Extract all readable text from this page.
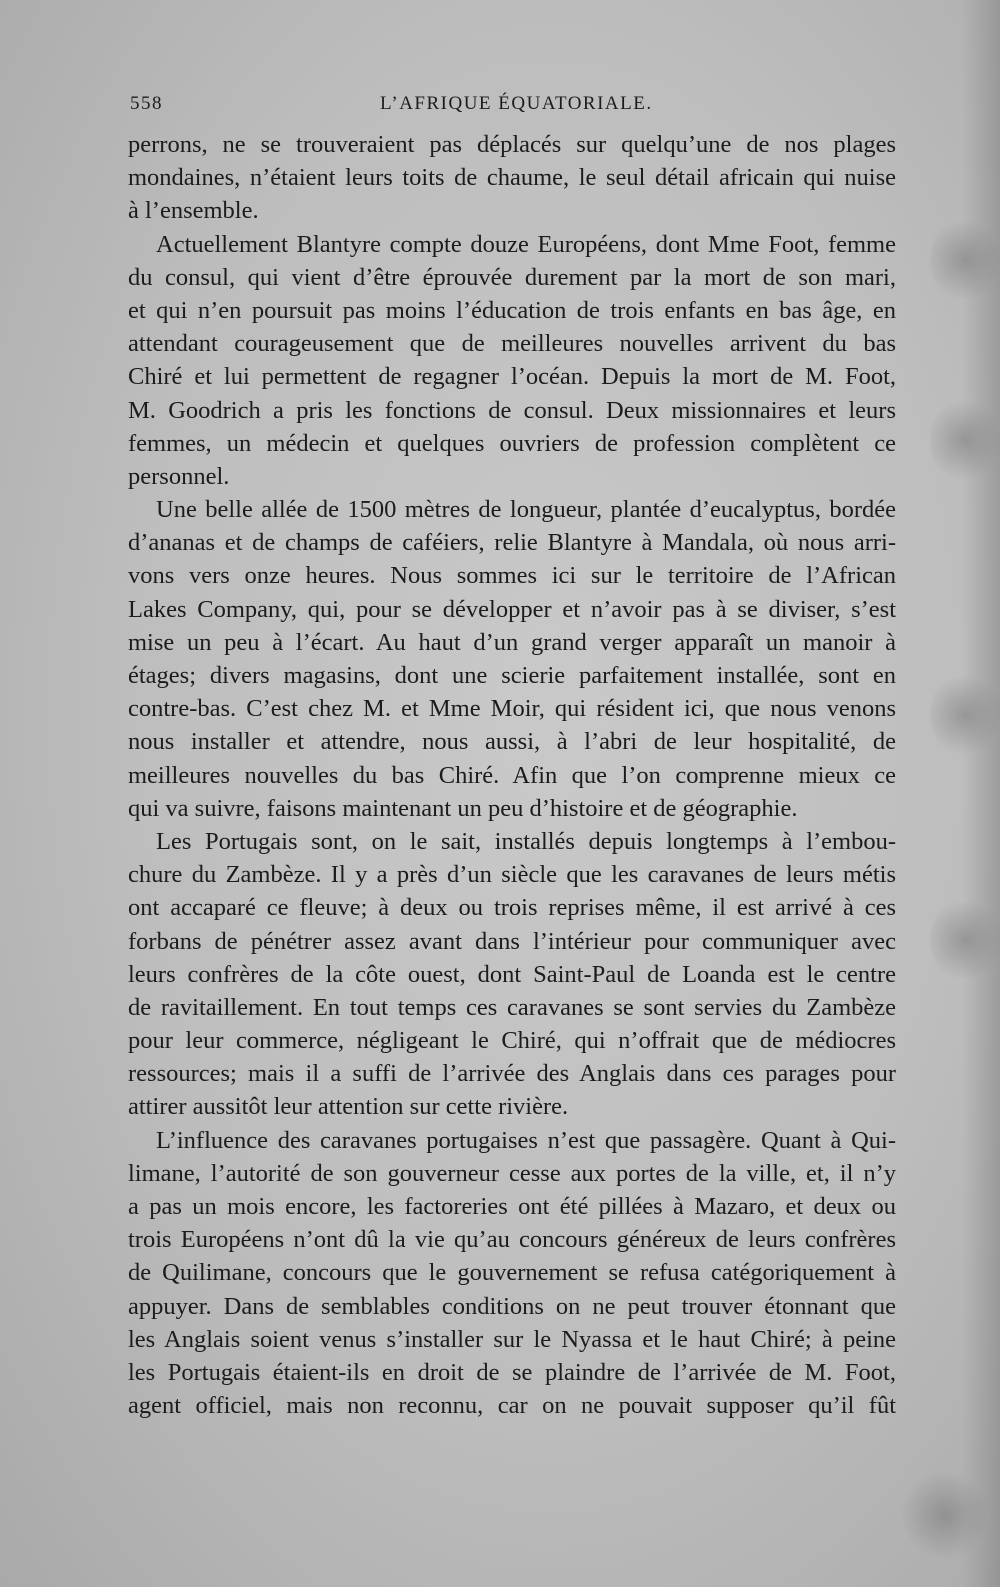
558	L’AFRIQUE ÉQUATORIALE.
perrons, ne se trouveraient pas déplacés sur quelqu’une de nos plages
mondaines, n’étaient leurs toits de chaume, le seul détail africain qui nuise
à l’ensemble.
Actuellement Blantyre compte douze Européens, dont Mme Foot, femme
du consul, qui vient d’être éprouvée durement par la mort de son mari,
et qui n’en poursuit pas moins l’éducation de trois enfants en bas âge, en
attendant courageusement que de meilleures nouvelles arrivent du bas
Chiré et lui permettent de regagner l’océan. Depuis la mort de M. Foot,
M. Goodrich a pris les fonctions de consul. Deux missionnaires et leurs
femmes, un médecin et quelques ouvriers de profession complètent ce
personnel.
Une belle allée de 1500 mètres de longueur, plantée d’eucalyptus, bordée
d’ananas et de champs de caféiers, relie Blantyre à Mandala, où nous arri-
vons vers onze heures. Nous sommes ici sur le territoire de l’African
Lakes Company, qui, pour se développer et n’avoir pas à se diviser, s’est
mise un peu à l’écart. Au haut d’un grand verger apparaît un manoir à
étages; divers magasins, dont une scierie parfaitement installée, sont en
contre-bas. C’est chez M. et Mme Moir, qui résident ici, que nous venons
nous installer et attendre, nous aussi, à l’abri de leur hospitalité, de
meilleures nouvelles du bas Chiré. Afin que l’on comprenne mieux ce
qui va suivre, faisons maintenant un peu d’histoire et de géographie.
Les Portugais sont, on le sait, installés depuis longtemps à l’embou-
chure du Zambèze. Il y a près d’un siècle que les caravanes de leurs métis
ont accaparé ce fleuve; à deux ou trois reprises même, il est arrivé à ces
forbans de pénétrer assez avant dans l’intérieur pour communiquer avec
leurs confrères de la côte ouest, dont Saint-Paul de Loanda est le centre
de ravitaillement. En tout temps ces caravanes se sont servies du Zambèze
pour leur commerce, négligeant le Chiré, qui n’offrait que de médiocres
ressources; mais il a suffi de l’arrivée des Anglais dans ces parages pour
attirer aussitôt leur attention sur cette rivière.
L’influence des caravanes portugaises n’est que passagère. Quant à Qui-
limane, l’autorité de son gouverneur cesse aux portes de la ville, et, il n’y
a pas un mois encore, les factoreries ont été pillées à Mazaro, et deux ou
trois Européens n’ont dû la vie qu’au concours généreux de leurs confrères
de Quilimane, concours que le gouvernement se refusa catégoriquement à
appuyer. Dans de semblables conditions on ne peut trouver étonnant que
les Anglais soient venus s’installer sur le Nyassa et le haut Chiré; à peine
les Portugais étaient-ils en droit de se plaindre de l’arrivée de M. Foot,
agent officiel, mais non reconnu, car on ne pouvait supposer qu’il fût
